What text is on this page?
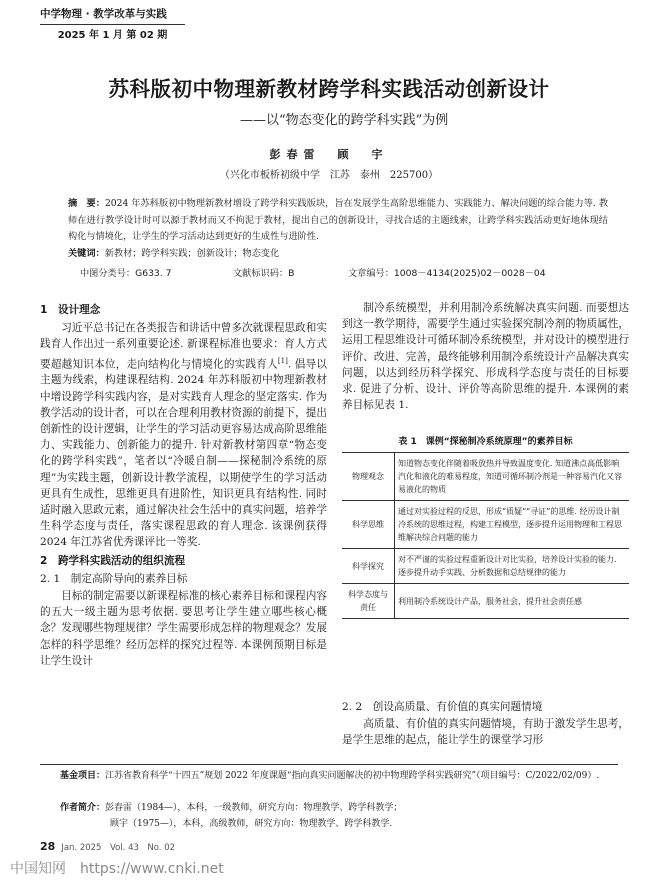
中学物理 · 教学改革与实践
2025 年 1 月 第 02 期
苏科版初中物理新教材跨学科实践活动创新设计
——以“物态变化的跨学科实践”为例
彭春雷　顾　宇
（兴化市板桥初级中学　江苏　泰州　225700）
摘　要：2024 年苏科版初中物理新教材增设了跨学科实践版块，旨在发展学生高阶思维能力、实践能力、解决问题的综合能力等. 教师在进行教学设计时可以源于教材而又不拘泥于教材，提出自己的创新设计，寻找合适的主题线索，让跨学科实践活动更好地体现结构化与情境化，让学生的学习活动达到更好的生成性与进阶性.
关键词：新教材；跨学科实践；创新设计；物态变化
中图分类号：G633. 7	文献标识码：B	文章编号：1008－4134(2025)02－0028－04
1　设计理念

习近平总书记在各类报告和讲话中曾多次就课程思政和实践育人作出过一系列重要论述. 新课程标准也要求：育人方式要超越知识本位，走向结构化与情境化的实践育人[1]. 倡导以主题为线索，构建课程结构. 2024 年苏科版初中物理新教材中增设跨学科实践内容，是对实践育人理念的坚定落实. 作为教学活动的设计者，可以在合理利用教材资源的前提下，提出创新性的设计逻辑，让学生的学习活动更容易达成高阶思维能力、实践能力、创新能力的提升. 针对新教材第四章“物态变化的跨学科实践”，笔者以“冷暖自制——探秘制冷系统的原理”为实践主题，创新设计教学流程，以期使学生的学习活动更具有生成性，思维更具有进阶性，知识更具有结构性. 同时适时融入思政元素，通过解决社会生活中的真实问题，培养学生科学态度与责任，落实课程思政的育人理念. 该课例获得 2024 年江苏省优秀课评比一等奖.

2　跨学科实践活动的组织流程
2. 1　制定高阶导向的素养目标

目标的制定需要以新课程标准的核心素养目标和课程内容的五大一级主题为思考依据. 要思考让学生建立哪些核心概念？发现哪些物理规律？学生需要形成怎样的物理观念？发展怎样的科学思维？经历怎样的探究过程等. 本课例预期目标是让学生设计

制冷系统模型，并利用制冷系统解决真实问题. 而要想达到这一教学期待，需要学生通过实验探究制冷剂的物质属性，运用工程思维设计可循环制冷系统模型，并对设计的模型进行评价、改进、完善，最终能够利用制冷系统设计产品解决真实问题，以达到经历科学探究、形成科学态度与责任的目标要求. 促进了分析、设计、评价等高阶思维的提升. 本课例的素养目标见表 1.

表 1　课例“探秘制冷系统原理”的素养目标
物理观念	知道物态变化伴随着吸放热并导致温度变化. 知道沸点高低影响汽化和液化的难易程度，知道可循环制冷剂是一种容易汽化又容易液化的物质
科学思维	通过对实验过程的反思，形成“质疑”“寻证”的思维. 经历设计制冷系统的思维过程，构建工程模型，逐步提升运用物理和工程思维解决综合问题的能力
科学探究	对不严谨的实验过程重新设计对比实验，培养设计实验的能力. 逐步提升动手实践、分析数据和总结规律的能力
科学态度与责任	利用制冷系统设计产品，服务社会，提升社会责任感
2. 2　创设高质量、有价值的真实问题情境

高质量、有价值的真实问题情境，有助于激发学生思考，是学生思维的起点，能让学生的课堂学习形

基金项目：江苏省教育科学“十四五”规划 2022 年度课题“指向真实问题解决的初中物理跨学科实践研究”（项目编号：C/2022/02/09）.
作者简介：彭春雷（1984—），本科，一级教师，研究方向：物理教学、跨学科教学；
顾宇（1975—），本科，高级教师，研究方向：物理教学、跨学科教学.
28 Jan. 2025　Vol. 43　No. 02
中国知网　https://www.cnki.net
